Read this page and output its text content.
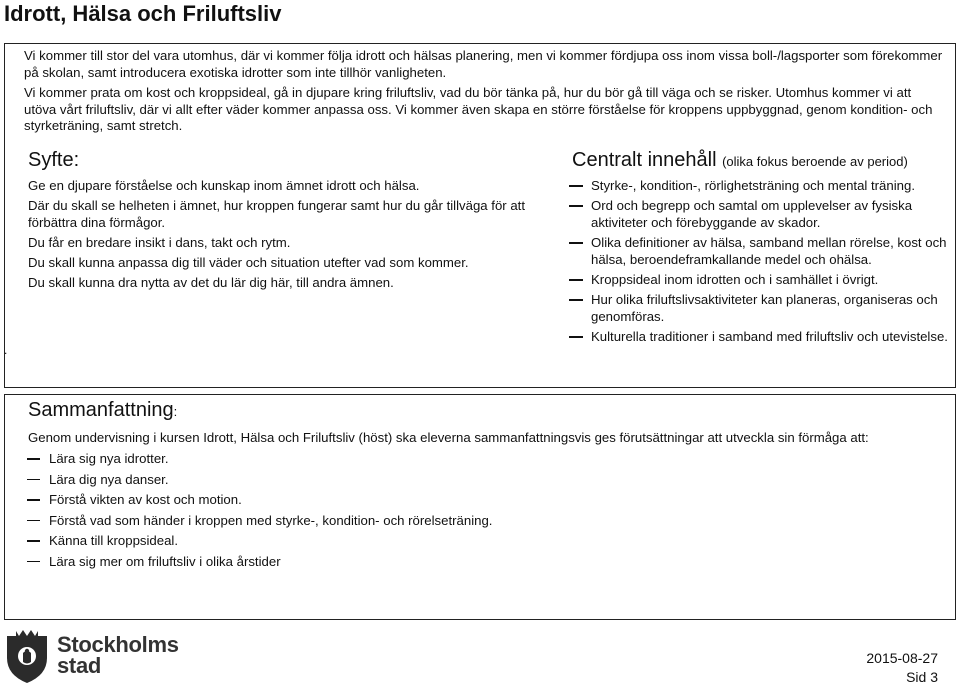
Idrott, Hälsa och Friluftsliv
Vi kommer till stor del vara utomhus, där vi kommer följa idrott och hälsas planering, men vi kommer fördjupa oss inom vissa boll-/lagsporter som förekommer på skolan, samt introducera exotiska idrotter som inte tillhör vanligheten.
Vi kommer prata om kost och kroppsideal, gå in djupare kring friluftsliv, vad du bör tänka på, hur du bör gå till väga och se risker. Utomhus kommer vi att utöva vårt friluftsliv, där vi allt efter väder kommer anpassa oss. Vi kommer även skapa en större förståelse för kroppens uppbyggnad, genom kondition- och styrketräning, samt stretch.
Syfte:
Ge en djupare förståelse och kunskap inom ämnet idrott och hälsa.
Där du skall se helheten i ämnet, hur kroppen fungerar samt hur du går tillväga för att förbättra dina förmågor.
Du får en bredare insikt i dans, takt och rytm.
Du skall kunna anpassa dig till väder och situation utefter vad som kommer.
Du skall kunna dra nytta av det du lär dig här, till andra ämnen.
Centralt innehåll (olika fokus beroende av period)
Styrke-, kondition-, rörlighetsträning och mental träning.
Ord och begrepp och samtal om upplevelser av fysiska aktiviteter och förebyggande av skador.
Olika definitioner av hälsa, samband mellan rörelse, kost och hälsa, beroendeframkallande medel och ohälsa.
Kroppsideal inom idrotten och i samhället i övrigt.
Hur olika friluftslivsaktiviteter kan planeras, organiseras och genomföras.
Kulturella traditioner i samband med friluftsliv och utevistelse.
.
Sammanfattning:
Genom undervisning i kursen Idrott, Hälsa och Friluftsliv (höst) ska eleverna sammanfattningsvis ges förutsättningar att utveckla sin förmåga att:
Lära sig nya idrotter.
Lära dig nya danser.
Förstå vikten av kost och motion.
Förstå vad som händer i kroppen med styrke-, kondition- och rörelseträning.
Känna till kroppsideal.
Lära sig mer om friluftsliv i olika årstider
Stockholms
stad	2015-08-27
Sid 3
